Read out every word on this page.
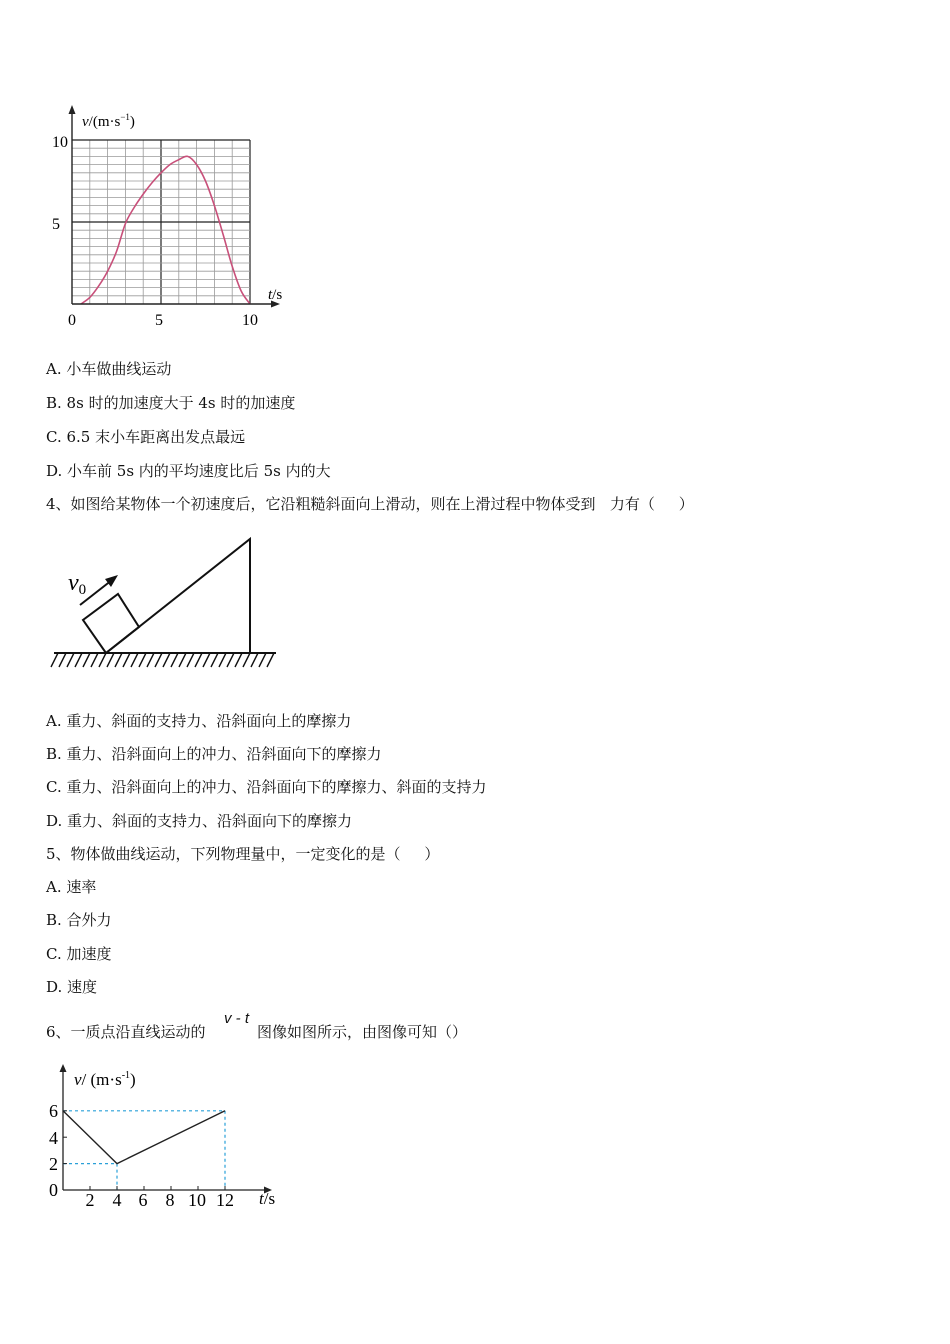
$v/(m\cdot s^{-1})$
t/s
10
5
0	5	10
A. 小车做曲线运动
B. 8s 时的加速度大于 4s 时的加速度
C. 6.5 末小车距离出发点最远
D. 小车前 5s 内的平均速度比后 5s 内的大
4、如图给某物体一个初速度后，它沿粗糙斜面向上滑动，则在上滑过程中物体受到   力有（     ）
v0
A. 重力、斜面的支持力、沿斜面向上的摩擦力
B. 重力、沿斜面向上的冲力、沿斜面向下的摩擦力
C. 重力、沿斜面向上的冲力、沿斜面向下的摩擦力、斜面的支持力
D. 重力、斜面的支持力、沿斜面向下的摩擦力
5、物体做曲线运动，下列物理量中，一定变化的是（     ）
A. 速率
B. 合外力
C. 加速度
D. 速度
6、一质点沿直线运动的
v - t
图像如图所示，由图像可知（）
v/ $(m\cdot s^{-1})$
t/s
6
4
2
0 2 4 6 8 10 12
